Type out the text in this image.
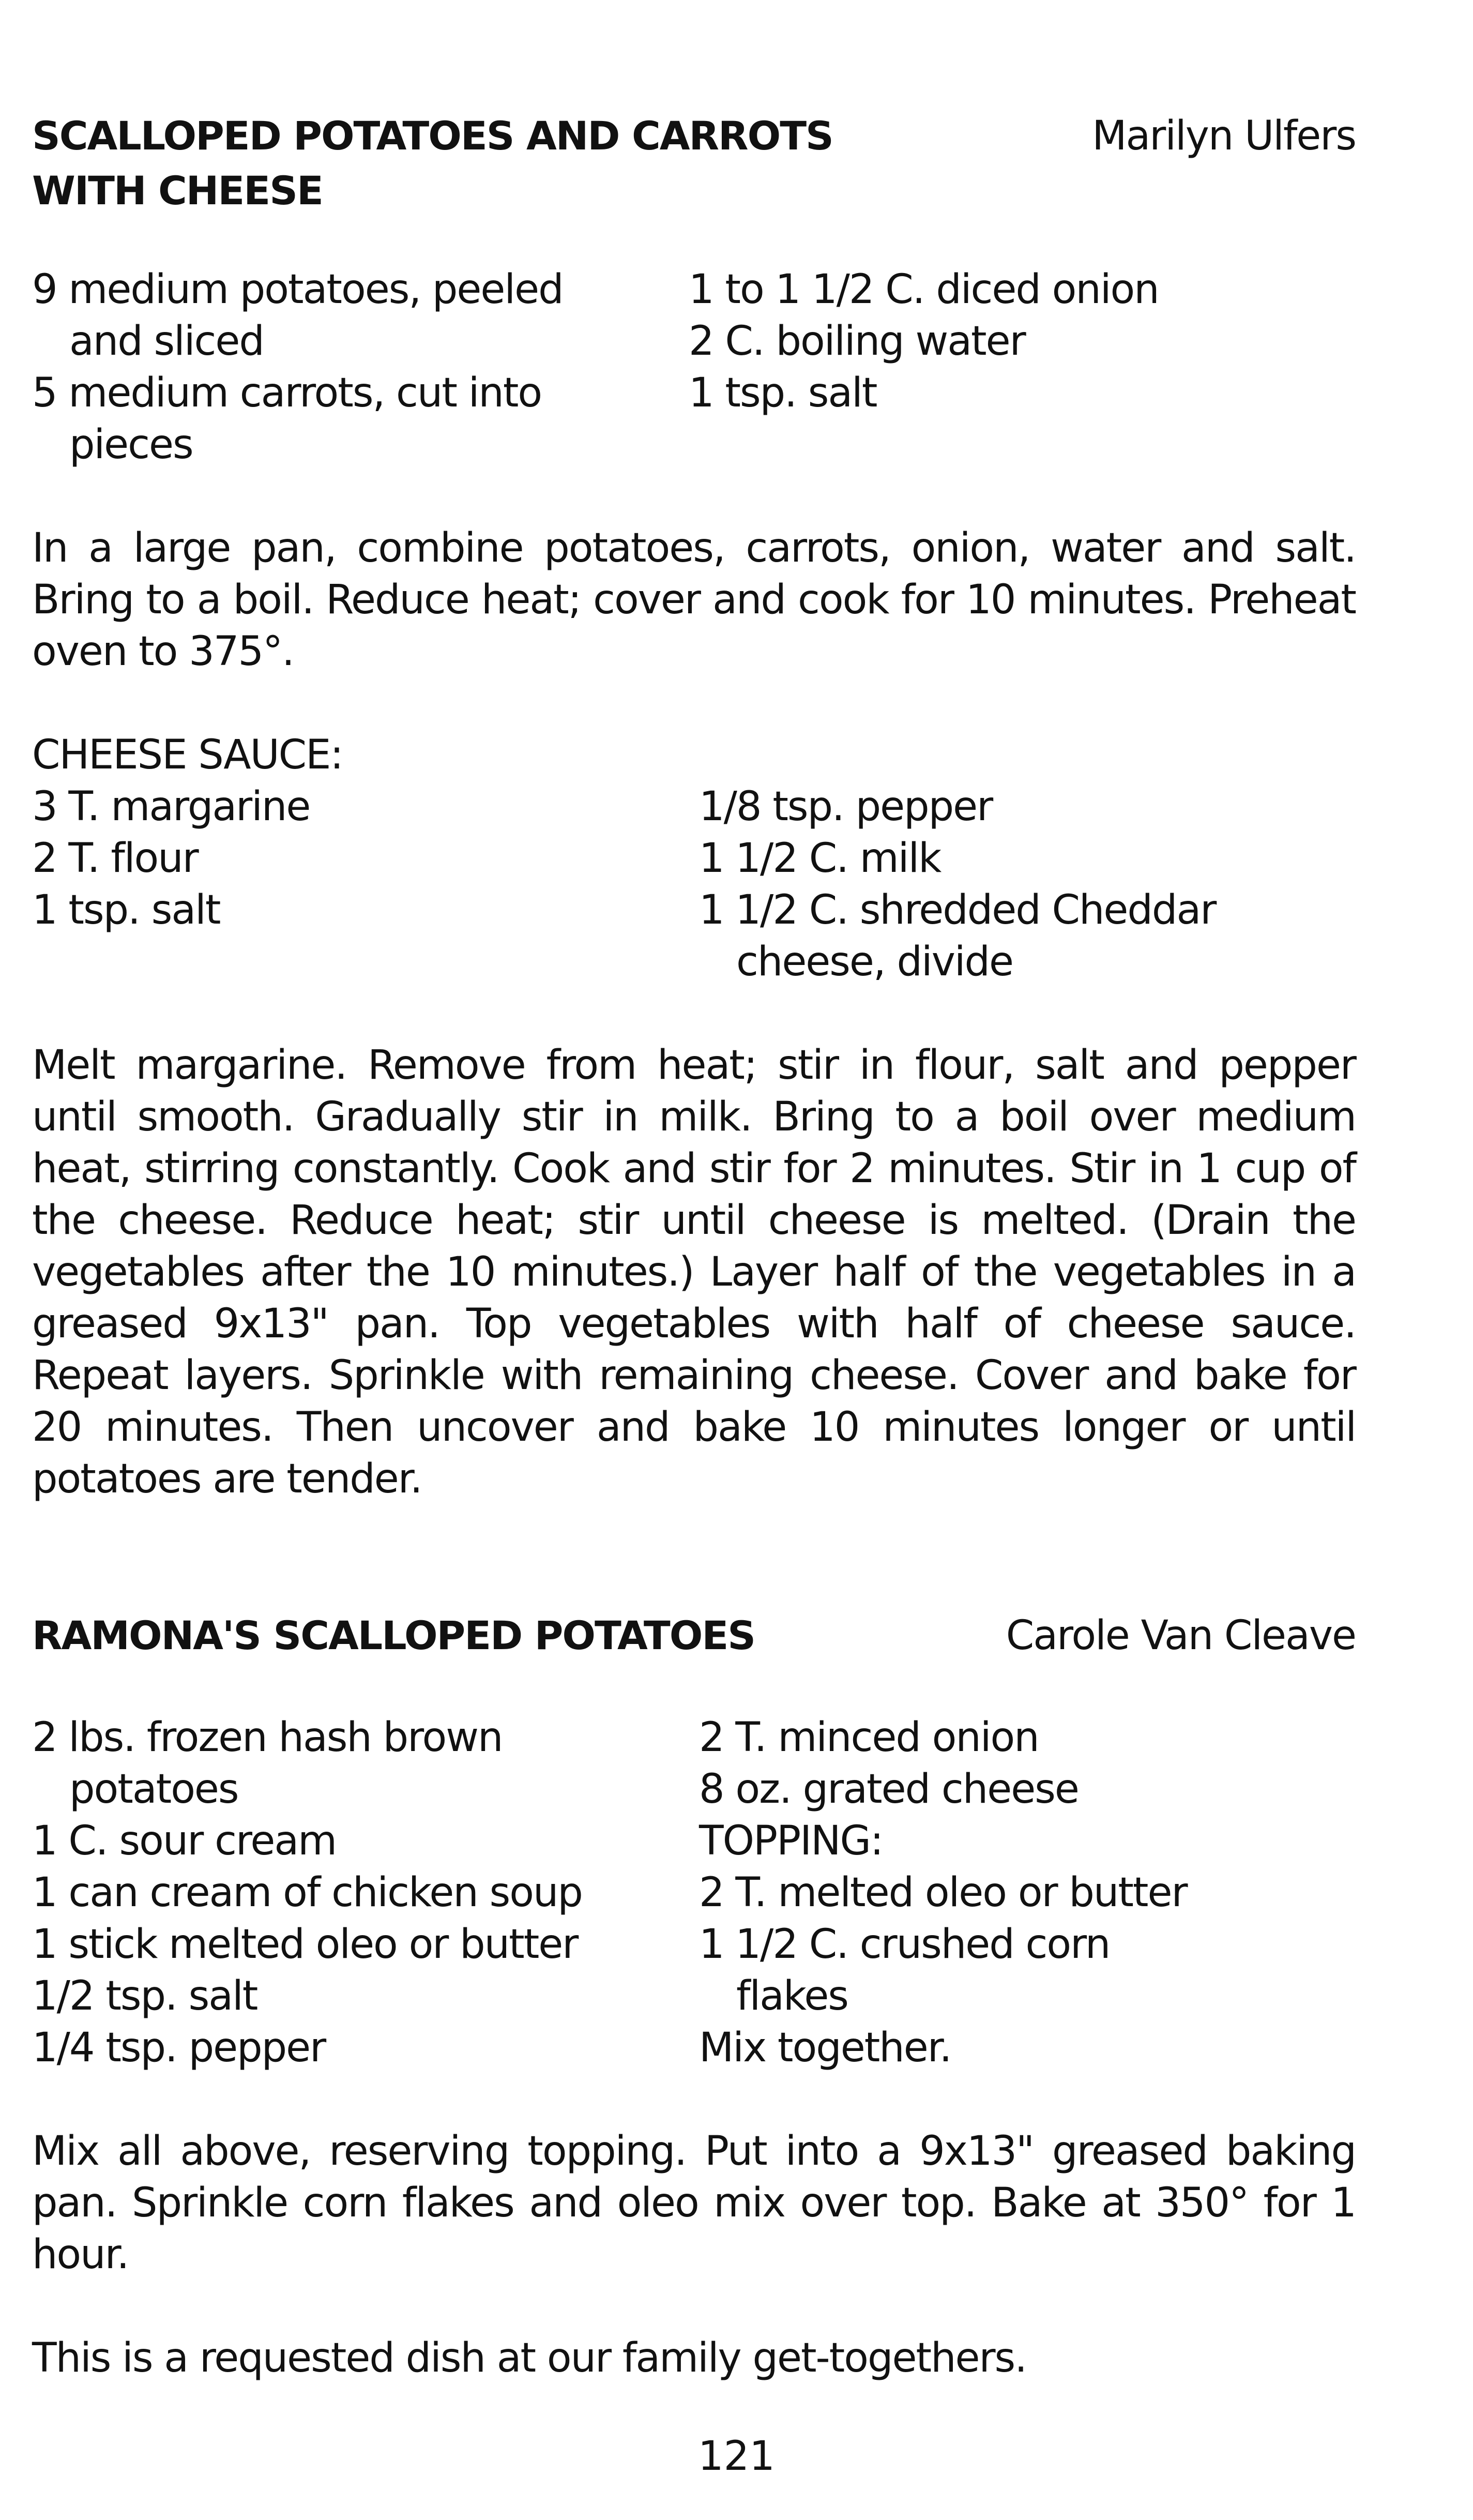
SCALLOPED POTATOES AND CARROTS
WITH CHEESE
Marilyn Ulfers
9 medium potatoes, peeled
and sliced
5 medium carrots, cut into
pieces
1 to 1 1/2 C. diced onion
2 C. boiling water
1 tsp. salt

In a large pan, combine potatoes, carrots, onion, water and salt. Bring to a boil. Reduce heat; cover and cook for 10 minutes. Preheat oven to 375°.

CHEESE SAUCE:
3 T. margarine
2 T. flour
1 tsp. salt
1/8 tsp. pepper
1 1/2 C. milk
1 1/2 C. shredded Cheddar
cheese, divide

Melt margarine. Remove from heat; stir in flour, salt and pepper until smooth. Gradually stir in milk. Bring to a boil over medium heat, stirring constantly. Cook and stir for 2 minutes. Stir in 1 cup of the cheese. Reduce heat; stir until cheese is melted. (Drain the vegetables after the 10 minutes.) Layer half of the vegetables in a greased 9x13" pan. Top vegetables with half of cheese sauce. Repeat layers. Sprinkle with remaining cheese. Cover and bake for 20 minutes. Then uncover and bake 10 minutes longer or until potatoes are tender.

RAMONA'S SCALLOPED POTATOES	Carole Van Cleave
2 lbs. frozen hash brown
potatoes
1 C. sour cream
1 can cream of chicken soup
1 stick melted oleo or butter
1/2 tsp. salt
1/4 tsp. pepper
2 T. minced onion
8 oz. grated cheese
TOPPING:
2 T. melted oleo or butter
1 1/2 C. crushed corn
flakes
Mix together.

Mix all above, reserving topping. Put into a 9x13" greased baking pan. Sprinkle corn flakes and oleo mix over top. Bake at 350° for 1 hour.

This is a requested dish at our family get-togethers.

121
